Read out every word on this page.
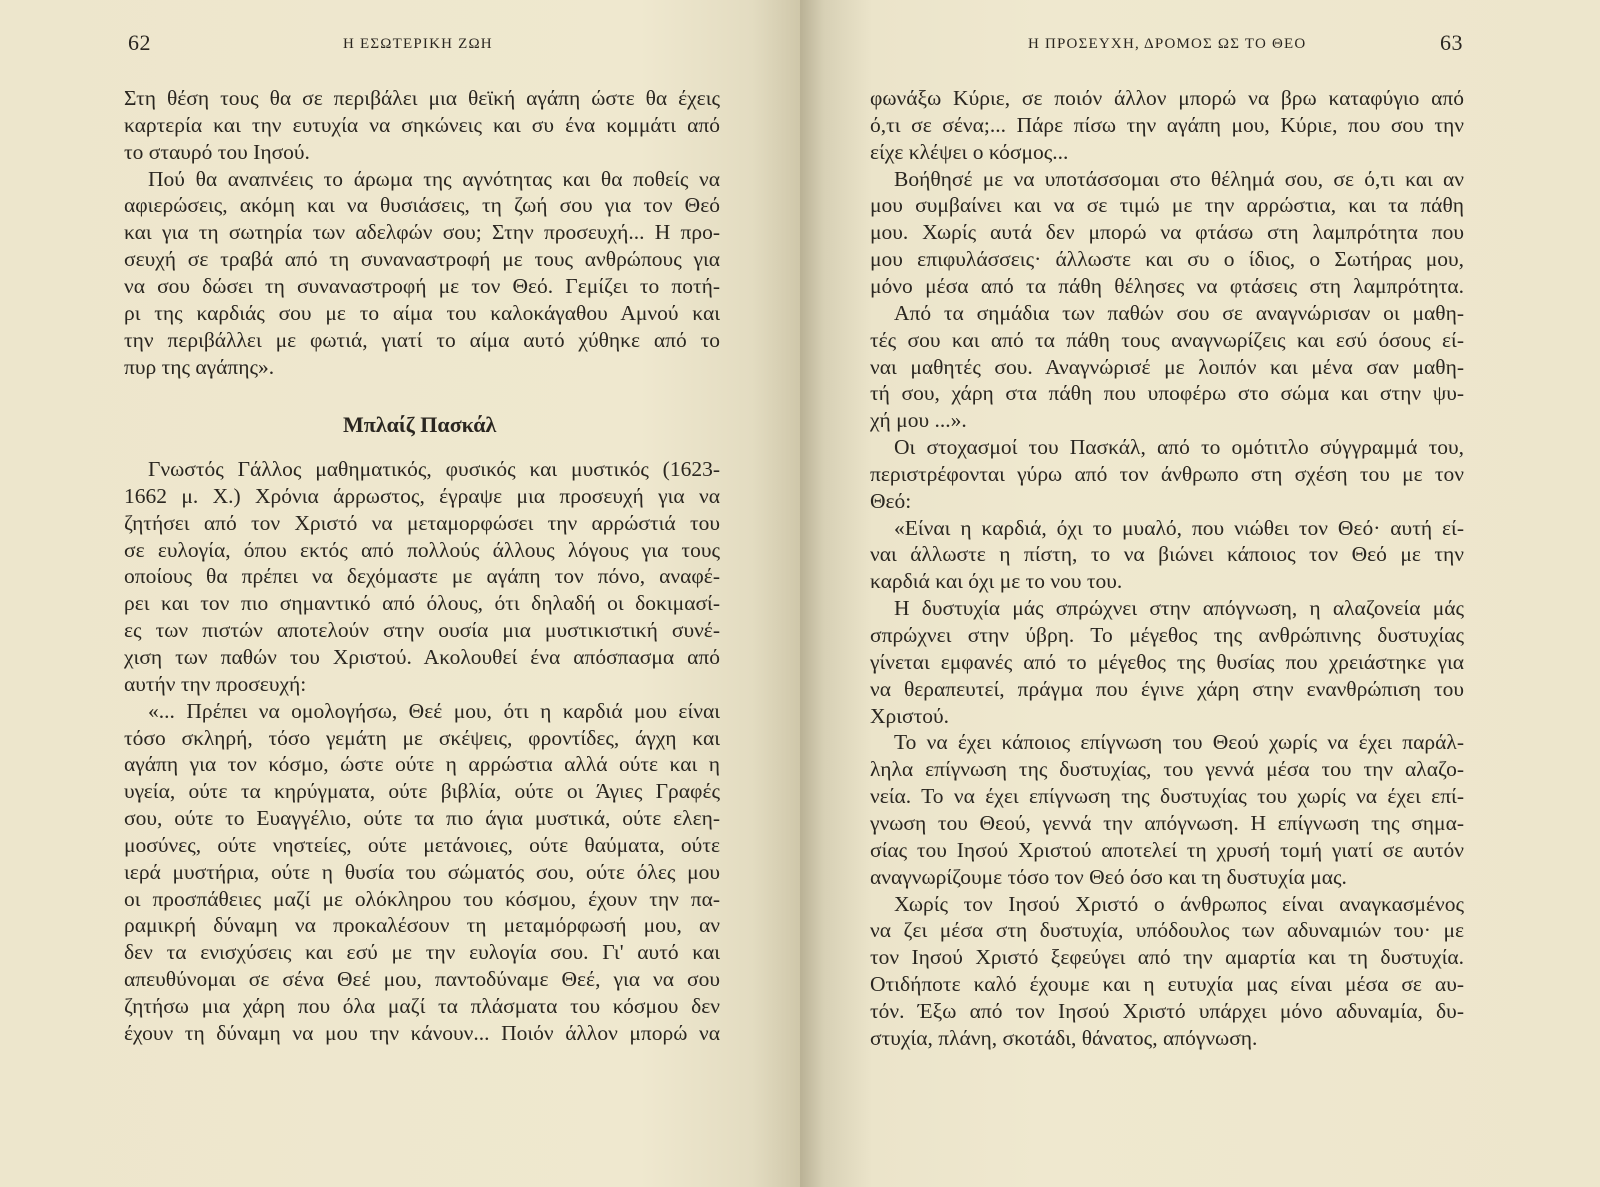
62	Η ΕΣΩΤΕΡΙΚΗ ΖΩΗ
Στη θέση τους θα σε περιβάλει μια θεϊκή αγάπη ώστε θα έχεις
καρτερία και την ευτυχία να σηκώνεις και συ ένα κομμάτι από
το σταυρό του Ιησού.
Πού θα αναπνέεις το άρωμα της αγνότητας και θα ποθείς να
αφιερώσεις, ακόμη και να θυσιάσεις, τη ζωή σου για τον Θεό
και για τη σωτηρία των αδελφών σου; Στην προσευχή... Η προ-
σευχή σε τραβά από τη συναναστροφή με τους ανθρώπους για
να σου δώσει τη συναναστροφή με τον Θεό. Γεμίζει το ποτή-
ρι της καρδιάς σου με το αίμα του καλοκάγαθου Αμνού και
την περιβάλλει με φωτιά, γιατί το αίμα αυτό χύθηκε από το
πυρ της αγάπης».
Μπλαίζ Πασκάλ
Γνωστός Γάλλος μαθηματικός, φυσικός και μυστικός (1623-
1662 μ. Χ.) Χρόνια άρρωστος, έγραψε μια προσευχή για να
ζητήσει από τον Χριστό να μεταμορφώσει την αρρώστιά του
σε ευλογία, όπου εκτός από πολλούς άλλους λόγους για τους
οποίους θα πρέπει να δεχόμαστε με αγάπη τον πόνο, αναφέ-
ρει και τον πιο σημαντικό από όλους, ότι δηλαδή οι δοκιμασί-
ες των πιστών αποτελούν στην ουσία μια μυστικιστική συνέ-
χιση των παθών του Χριστού. Ακολουθεί ένα απόσπασμα από
αυτήν την προσευχή:
«... Πρέπει να ομολογήσω, Θεέ μου, ότι η καρδιά μου είναι
τόσο σκληρή, τόσο γεμάτη με σκέψεις, φροντίδες, άγχη και
αγάπη για τον κόσμο, ώστε ούτε η αρρώστια αλλά ούτε και η
υγεία, ούτε τα κηρύγματα, ούτε βιβλία, ούτε οι Άγιες Γραφές
σου, ούτε το Ευαγγέλιο, ούτε τα πιο άγια μυστικά, ούτε ελεη-
μοσύνες, ούτε νηστείες, ούτε μετάνοιες, ούτε θαύματα, ούτε
ιερά μυστήρια, ούτε η θυσία του σώματός σου, ούτε όλες μου
οι προσπάθειες μαζί με ολόκληρου του κόσμου, έχουν την πα-
ραμικρή δύναμη να προκαλέσουν τη μεταμόρφωσή μου, αν
δεν τα ενισχύσεις και εσύ με την ευλογία σου. Γι' αυτό και
απευθύνομαι σε σένα Θεέ μου, παντοδύναμε Θεέ, για να σου
ζητήσω μια χάρη που όλα μαζί τα πλάσματα του κόσμου δεν
έχουν τη δύναμη να μου την κάνουν... Ποιόν άλλον μπορώ να
Η ΠΡΟΣΕΥΧΗ, ΔΡΟΜΟΣ ΩΣ ΤΟ ΘΕΟ	63
φωνάξω Κύριε, σε ποιόν άλλον μπορώ να βρω καταφύγιο από
ό,τι σε σένα;... Πάρε πίσω την αγάπη μου, Κύριε, που σου την
είχε κλέψει ο κόσμος...
Βοήθησέ με να υποτάσσομαι στο θέλημά σου, σε ό,τι και αν
μου συμβαίνει και να σε τιμώ με την αρρώστια, και τα πάθη
μου. Χωρίς αυτά δεν μπορώ να φτάσω στη λαμπρότητα που
μου επιφυλάσσεις· άλλωστε και συ ο ίδιος, ο Σωτήρας μου,
μόνο μέσα από τα πάθη θέλησες να φτάσεις στη λαμπρότητα.
Από τα σημάδια των παθών σου σε αναγνώρισαν οι μαθη-
τές σου και από τα πάθη τους αναγνωρίζεις και εσύ όσους εί-
ναι μαθητές σου. Αναγνώρισέ με λοιπόν και μένα σαν μαθη-
τή σου, χάρη στα πάθη που υποφέρω στο σώμα και στην ψυ-
χή μου ...».
Οι στοχασμοί του Πασκάλ, από το ομότιτλο σύγγραμμά του,
περιστρέφονται γύρω από τον άνθρωπο στη σχέση του με τον
Θεό:
«Είναι η καρδιά, όχι το μυαλό, που νιώθει τον Θεό· αυτή εί-
ναι άλλωστε η πίστη, το να βιώνει κάποιος τον Θεό με την
καρδιά και όχι με το νου του.
Η δυστυχία μάς σπρώχνει στην απόγνωση, η αλαζονεία μάς
σπρώχνει στην ύβρη. Το μέγεθος της ανθρώπινης δυστυχίας
γίνεται εμφανές από το μέγεθος της θυσίας που χρειάστηκε για
να θεραπευτεί, πράγμα που έγινε χάρη στην ενανθρώπιση του
Χριστού.
Το να έχει κάποιος επίγνωση του Θεού χωρίς να έχει παράλ-
ληλα επίγνωση της δυστυχίας, του γεννά μέσα του την αλαζο-
νεία. Το να έχει επίγνωση της δυστυχίας του χωρίς να έχει επί-
γνωση του Θεού, γεννά την απόγνωση. Η επίγνωση της σημα-
σίας του Ιησού Χριστού αποτελεί τη χρυσή τομή γιατί σε αυτόν
αναγνωρίζουμε τόσο τον Θεό όσο και τη δυστυχία μας.
Χωρίς τον Ιησού Χριστό ο άνθρωπος είναι αναγκασμένος
να ζει μέσα στη δυστυχία, υπόδουλος των αδυναμιών του· με
τον Ιησού Χριστό ξεφεύγει από την αμαρτία και τη δυστυχία.
Οτιδήποτε καλό έχουμε και η ευτυχία μας είναι μέσα σε αυ-
τόν. Έξω από τον Ιησού Χριστό υπάρχει μόνο αδυναμία, δυ-
στυχία, πλάνη, σκοτάδι, θάνατος, απόγνωση.
